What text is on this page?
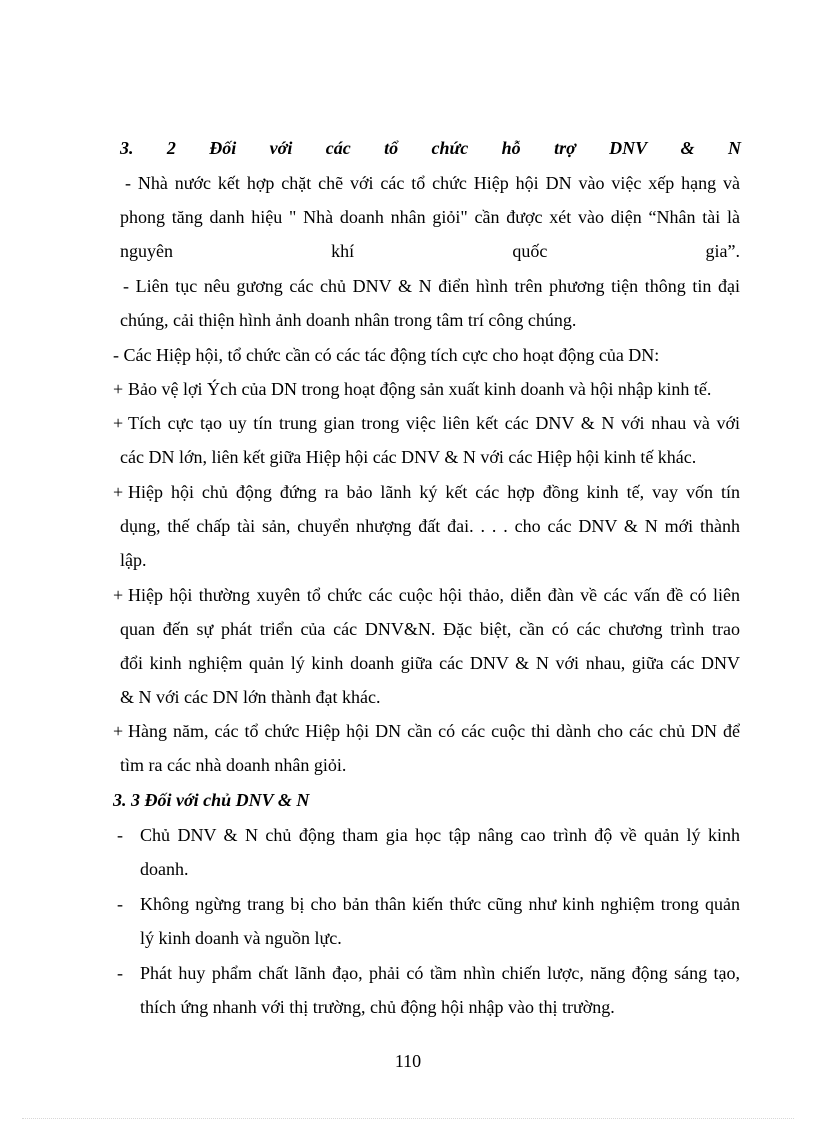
3. 2 Đối với các tổ chức hỗ trợ DNV & N
- Nhà nước kết hợp chặt chẽ với các tổ chức Hiệp hội DN vào việc xếp hạng và
phong tăng danh hiệu " Nhà doanh nhân giỏi" cần được xét vào diện “Nhân tài là
nguyên	khí	quốc	gia”.
- Liên tục nêu gương các chủ DNV & N điển hình trên phương tiện thông tin đại
chúng, cải thiện hình ảnh doanh nhân trong tâm trí công chúng.
- Các Hiệp hội, tổ chức cần có các tác động tích cực cho hoạt động của DN:
+ Bảo vệ lợi Ých của DN trong hoạt động sản xuất kinh doanh và hội nhập kinh tế.
+ Tích cực tạo uy tín trung gian trong việc liên kết các DNV & N với nhau và với
các DN lớn, liên kết giữa Hiệp hội các DNV & N với các Hiệp hội kinh tế khác.
+ Hiệp hội chủ động đứng ra bảo lãnh ký kết các hợp đồng kinh tế, vay vốn tín
dụng, thế chấp tài sản, chuyển nhượng đất đai. . . . cho các DNV & N mới thành
lập.
+ Hiệp hội thường xuyên tổ chức các cuộc hội thảo, diễn đàn về các vấn đề có liên
quan đến sự phát triển của các DNV&N. Đặc biệt, cần có các chương trình trao
đổi kinh nghiệm quản lý kinh doanh giữa các DNV & N với nhau, giữa các DNV
& N với các DN lớn thành đạt khác.
+ Hàng năm, các tổ chức Hiệp hội DN cần có các cuộc thi dành cho các chủ DN để
tìm ra các nhà doanh nhân giỏi.
3. 3 Đối với chủ DNV & N
- Chủ DNV & N chủ động tham gia học tập nâng cao trình độ về quản lý kinh
doanh.
- Không ngừng trang bị cho bản thân kiến thức cũng như kinh nghiệm trong quản
lý kinh doanh và nguồn lực.
- Phát huy phẩm chất lãnh đạo, phải có tầm nhìn chiến lược, năng động sáng tạo,
thích ứng nhanh với thị trường, chủ động hội nhập vào thị trường.
110
